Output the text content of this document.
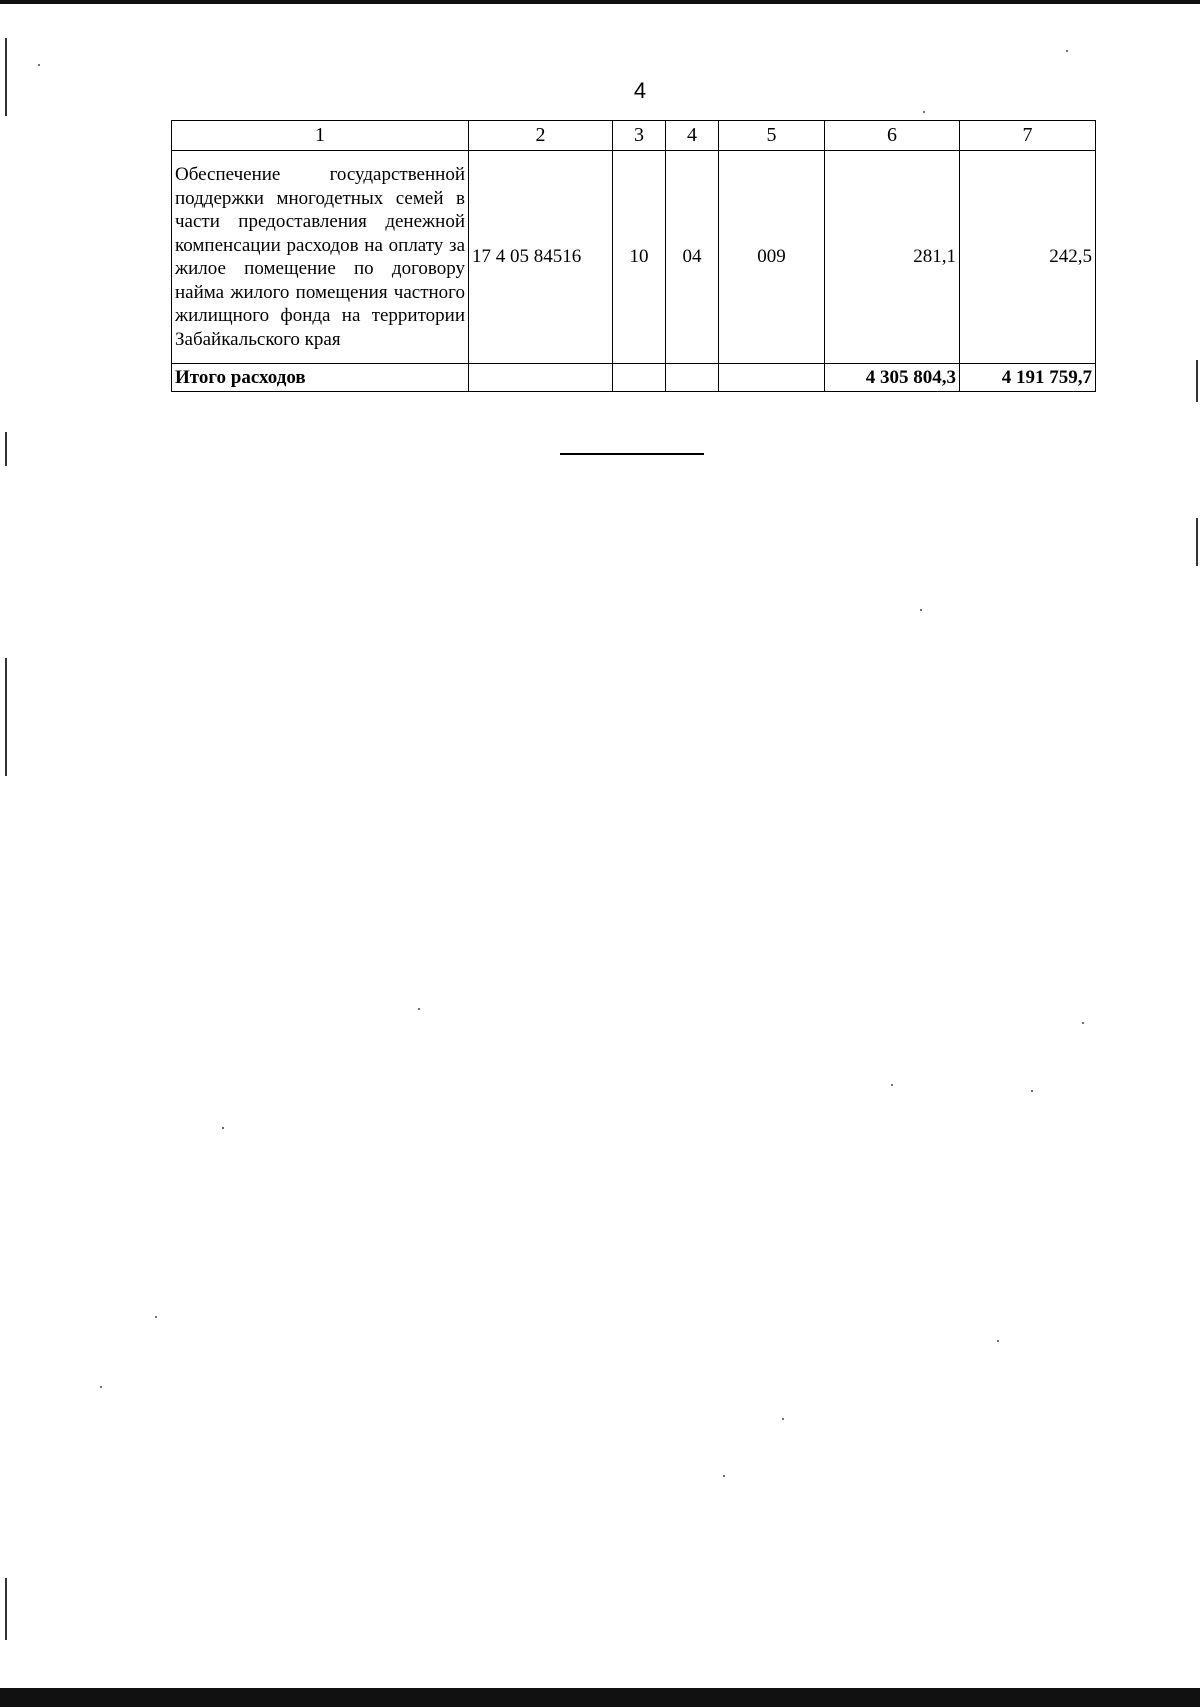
4
1	2	3	4	5	6	7
Обеспечение государственной поддержки многодетных семей в части предоставления денежной компенсации расходов на оплату за жилое помещение по договору найма жилого помещения частного жилищного фонда на территории Забайкальского края	17 4 05 84516	10	04	009	281,1	242,5
Итого расходов					4 305 804,3	4 191 759,7
